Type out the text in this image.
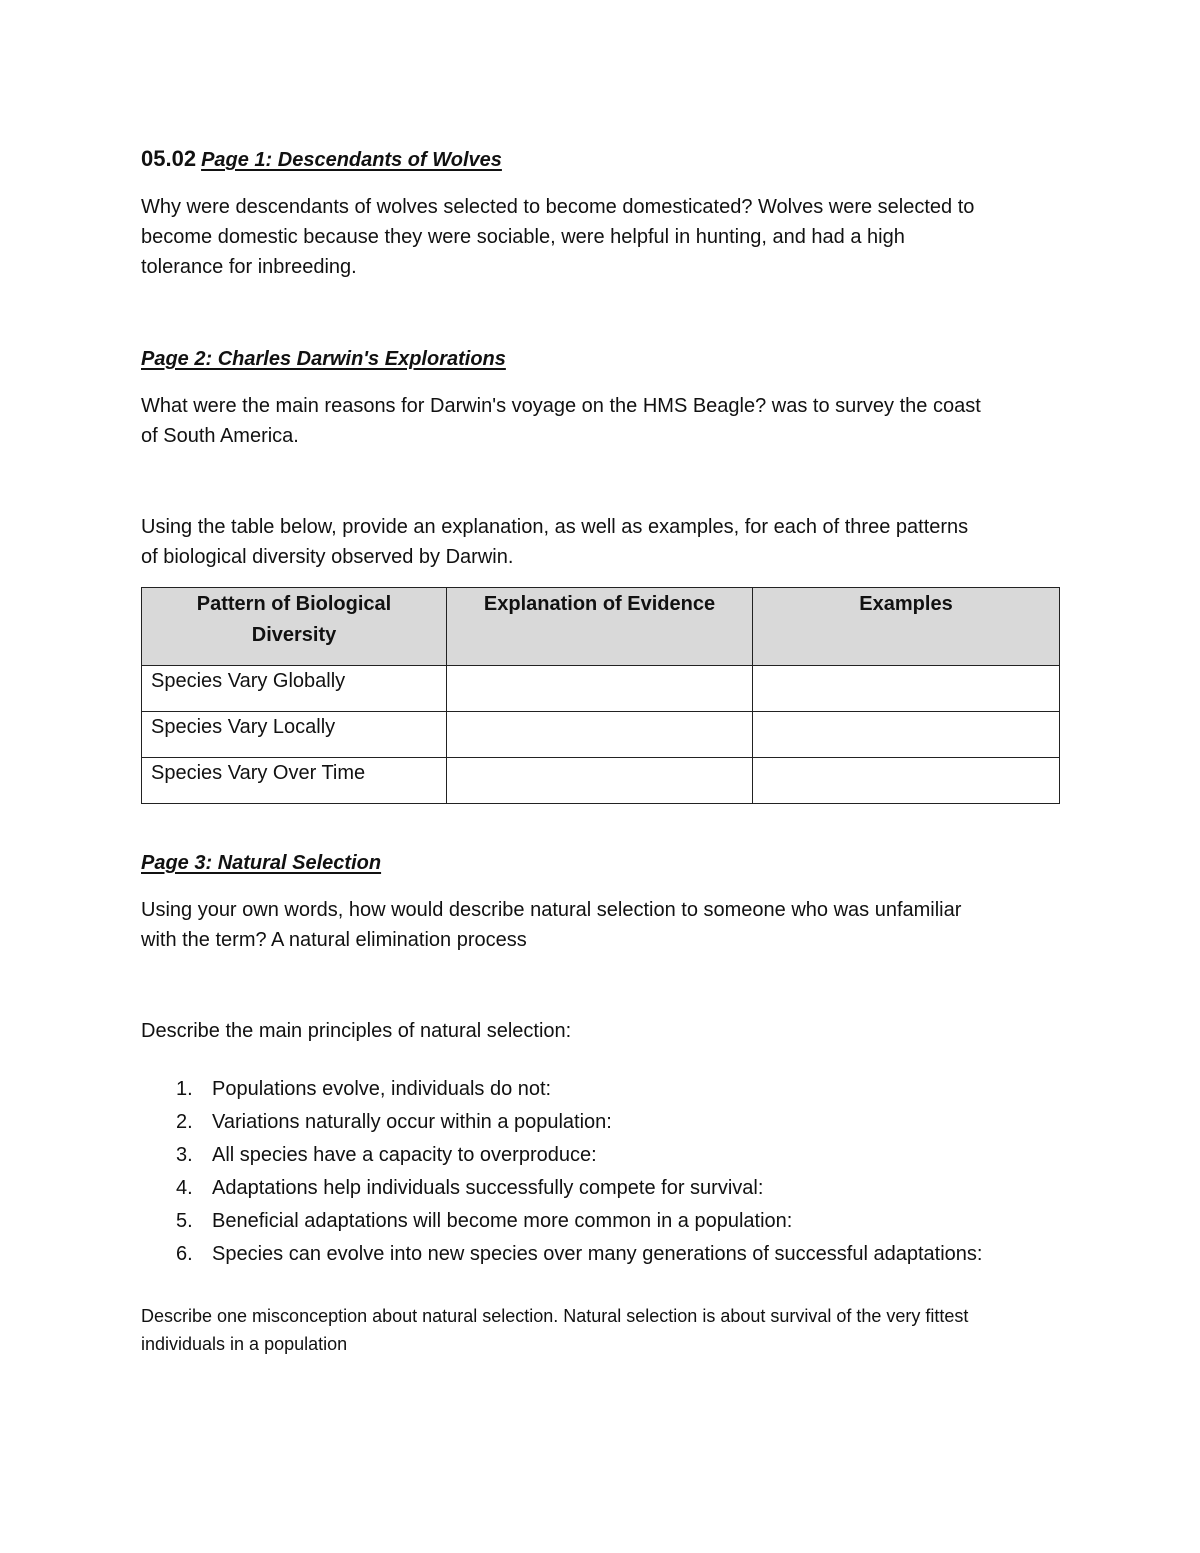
05.02 Page 1: Descendants of Wolves
Why were descendants of wolves selected to become domesticated? Wolves were selected to
become domestic because they were sociable, were helpful in hunting, and had a high
tolerance for inbreeding.
Page 2: Charles Darwin's Explorations
What were the main reasons for Darwin's voyage on the HMS Beagle? was to survey the coast
of South America.
Using the table below, provide an explanation, as well as examples, for each of three patterns
of biological diversity observed by Darwin.
Pattern of Biological
Diversity	Explanation of Evidence	Examples
Species Vary Globally		
Species Vary Locally		
Species Vary Over Time		
Page 3: Natural Selection
Using your own words, how would describe natural selection to someone who was unfamiliar
with the term? A natural elimination process
Describe the main principles of natural selection:
1. Populations evolve, individuals do not:
2. Variations naturally occur within a population:
3. All species have a capacity to overproduce:
4. Adaptations help individuals successfully compete for survival:
5. Beneficial adaptations will become more common in a population:
6. Species can evolve into new species over many generations of successful adaptations:
Describe one misconception about natural selection. Natural selection is about survival of the very fittest
individuals in a population
